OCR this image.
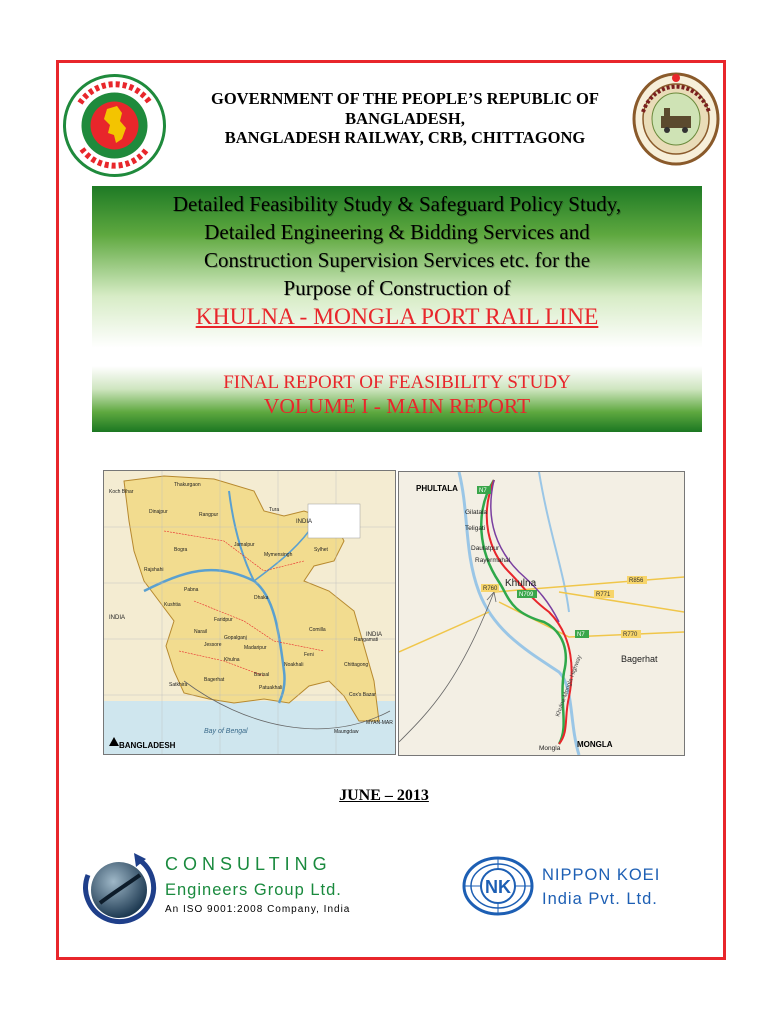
GOVERNMENT OF THE PEOPLE’S REPUBLIC OF
BANGLADESH,
BANGLADESH RAILWAY, CRB, CHITTAGONG
Detailed Feasibility Study & Safeguard Policy Study,
Detailed Engineering & Bidding Services and
Construction Supervision Services etc. for the
Purpose of Construction of
KHULNA - MONGLA PORT RAIL LINE
FINAL REPORT OF FEASIBILITY STUDY
VOLUME I - MAIN REPORT
Koch Bihar
Thakurgaon
Dinajpur	Rangpur
Sylhet
Rajshahi
Bogra
Jamalpur
Mymensingh
Dhaka
Comilla
Jessore
Khulna
Barisal
Chittagong
Rangamati
Cox's Bazar
Maungdaw
Satkhira
Bagerhat
Feni
Noakhali
Tura
Pabna
Kushtia
Faridpur
Narail
Gopalganj
Madaripur
Patuakhali
INDIA
INDIA
INDIA
Bay of Bengal
MYAN-MAR
BANGLADESH
Gilatala
Teligati
Daulatpur
Rayermahal
Khulna
Bagerhat
Mongla
N7
R760
N709	R771
R856
R770
N7
Khulna-Mongla Highway
PHULTALA
MONGLA
JUNE – 2013
CONSULTING
Engineers Group Ltd.
An ISO 9001:2008 Company, India
NK
NIPPON KOEI
India Pvt. Ltd.
